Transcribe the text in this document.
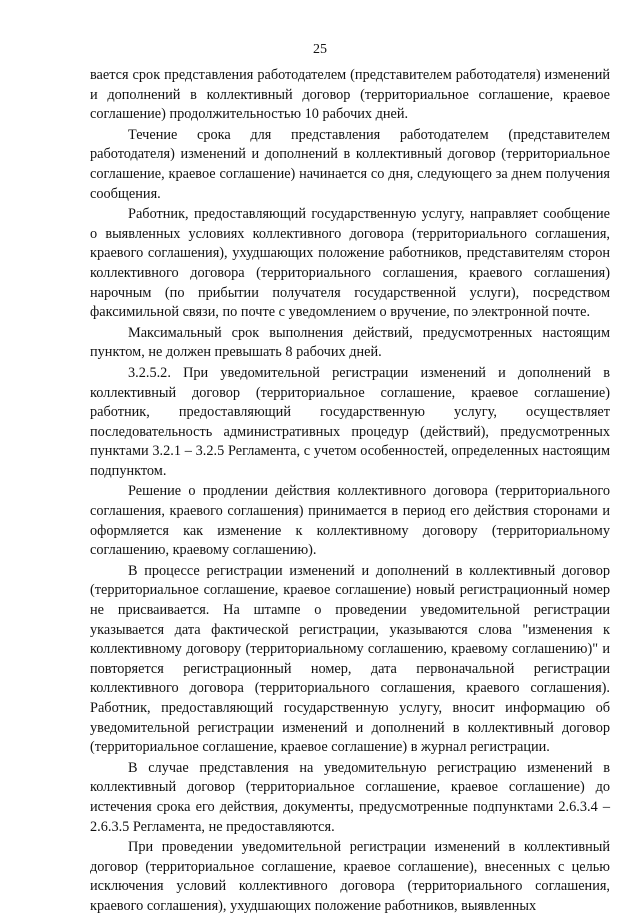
25

вается срок представления работодателем (представителем работодателя) изменений и дополнений в коллективный договор (территориальное соглашение, краевое соглашение) продолжительностью 10 рабочих дней.

Течение срока для представления работодателем (представителем работодателя) изменений и дополнений в коллективный договор (территориальное соглашение, краевое соглашение) начинается со дня, следующего за днем получения сообщения.

Работник, предоставляющий государственную услугу, направляет сообщение о выявленных условиях коллективного договора (территориального соглашения, краевого соглашения), ухудшающих положение работников, представителям сторон коллективного договора (территориального соглашения, краевого соглашения) нарочным (по прибытии получателя государственной услуги), посредством факсимильной связи, по почте с уведомлением о вручение, по электронной почте.

Максимальный срок выполнения действий, предусмотренных настоящим пунктом, не должен превышать 8 рабочих дней.

3.2.5.2. При уведомительной регистрации изменений и дополнений в коллективный договор (территориальное соглашение, краевое соглашение) работник, предоставляющий государственную услугу, осуществляет последовательность административных процедур (действий), предусмотренных пунктами 3.2.1 – 3.2.5 Регламента, с учетом особенностей, определенных настоящим подпунктом.

Решение о продлении действия коллективного договора (территориального соглашения, краевого соглашения) принимается в период его действия сторонами и оформляется как изменение к коллективному договору (территориальному соглашению, краевому соглашению).

В процессе регистрации изменений и дополнений в коллективный договор (территориальное соглашение, краевое соглашение) новый регистрационный номер не присваивается. На штампе о проведении уведомительной регистрации указывается дата фактической регистрации, указываются слова "изменения к коллективному договору (территориальному соглашению, краевому соглашению)" и повторяется регистрационный номер, дата первоначальной регистрации коллективного договора (территориального соглашения, краевого соглашения). Работник, предоставляющий государственную услугу, вносит информацию об уведомительной регистрации изменений и дополнений в коллективный договор (территориальное соглашение, краевое соглашение) в журнал регистрации.

В случае представления на уведомительную регистрацию изменений в коллективный договор (территориальное соглашение, краевое соглашение) до истечения срока его действия, документы, предусмотренные подпунктами 2.6.3.4 – 2.6.3.5 Регламента, не предоставляются.

При проведении уведомительной регистрации изменений в коллективный договор (территориальное соглашение, краевое соглашение), внесенных с целью исключения условий коллективного договора (территориального соглашения, краевого соглашения), ухудшающих положение работников, выявленных
